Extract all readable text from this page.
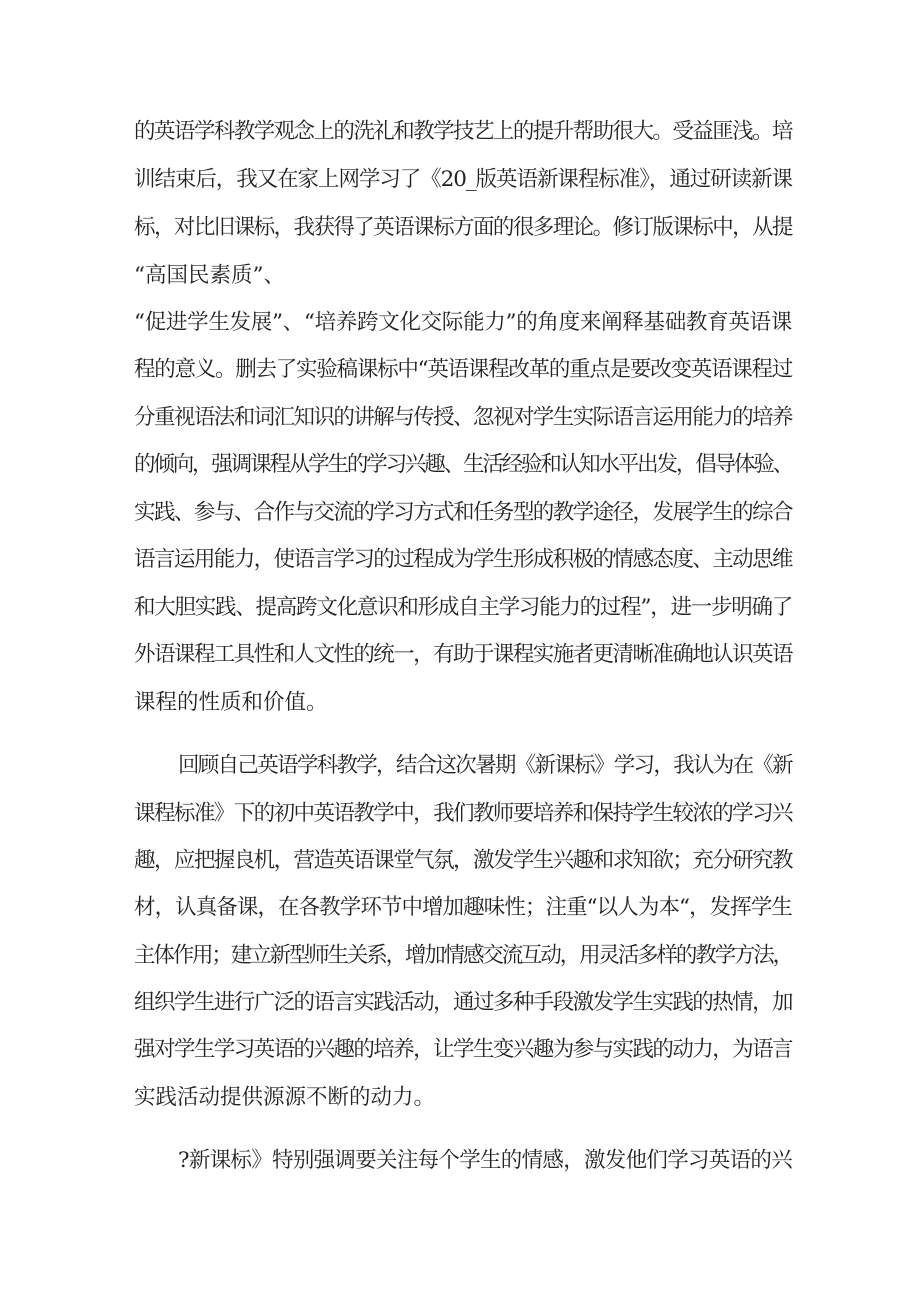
的英语学科教学观念上的洗礼和教学技艺上的提升帮助很大。受益匪浅。培
训结束后，我又在家上网学习了《20_版英语新课程标准》，通过研读新课
标，对比旧课标，我获得了英语课标方面的很多理论。修订版课标中，从提
“高国民素质”、
“促进学生发展”、“培养跨文化交际能力”的角度来阐释基础教育英语课
程的意义。删去了实验稿课标中“英语课程改革的重点是要改变英语课程过
分重视语法和词汇知识的讲解与传授、忽视对学生实际语言运用能力的培养
的倾向，强调课程从学生的学习兴趣、生活经验和认知水平出发，倡导体验、
实践、参与、合作与交流的学习方式和任务型的教学途径，发展学生的综合
语言运用能力，使语言学习的过程成为学生形成积极的情感态度、主动思维
和大胆实践、提高跨文化意识和形成自主学习能力的过程”，进一步明确了
外语课程工具性和人文性的统一，有助于课程实施者更清晰准确地认识英语
课程的性质和价值。
回顾自己英语学科教学，结合这次暑期《新课标》学习，我认为在《新
课程标准》下的初中英语教学中，我们教师要培养和保持学生较浓的学习兴
趣，应把握良机，营造英语课堂气氛，激发学生兴趣和求知欲；充分研究教
材，认真备课，在各教学环节中增加趣味性；注重“以人为本“，发挥学生
主体作用；建立新型师生关系，增加情感交流互动，用灵活多样的教学方法，
组织学生进行广泛的语言实践活动，通过多种手段激发学生实践的热情，加
强对学生学习英语的兴趣的培养，让学生变兴趣为参与实践的动力，为语言
实践活动提供源源不断的动力。
?新课标》特别强调要关注每个学生的情感，激发他们学习英语的兴
